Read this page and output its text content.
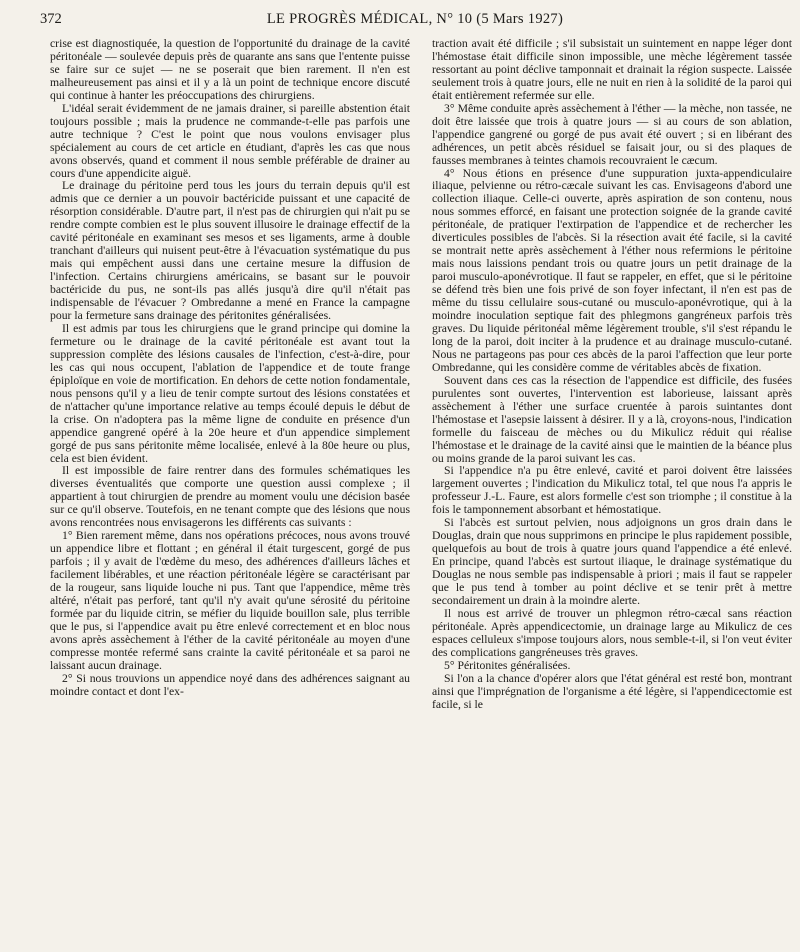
372	LE PROGRÈS MÉDICAL, N° 10 (5 Mars 1927)

crise est diagnostiquée, la question de l'opportunité du drainage de la cavité péritonéale — soulevée depuis près de quarante ans sans que l'entente puisse se faire sur ce sujet — ne se poserait que bien rarement. Il n'en est malheureusement pas ainsi et il y a là un point de technique encore discuté qui continue à hanter les préoccupations des chirurgiens.

L'idéal serait évidemment de ne jamais drainer, si pareille abstention était toujours possible ; mais la prudence ne commande-t-elle pas parfois une autre technique ? C'est le point que nous voulons envisager plus spécialement au cours de cet article en étudiant, d'après les cas que nous avons observés, quand et comment il nous semble préférable de drainer au cours d'une appendicite aiguë.

Le drainage du péritoine perd tous les jours du terrain depuis qu'il est admis que ce dernier a un pouvoir bactéricide puissant et une capacité de résorption considérable. D'autre part, il n'est pas de chirurgien qui n'ait pu se rendre compte combien est le plus souvent illusoire le drainage effectif de la cavité péritonéale en examinant ses mesos et ses ligaments, arme à double tranchant d'ailleurs qui nuisent peut-être à l'évacuation systématique du pus mais qui empêchent aussi dans une certaine mesure la diffusion de l'infection. Certains chirurgiens américains, se basant sur le pouvoir bactéricide du pus, ne sont-ils pas allés jusqu'à dire qu'il n'était pas indispensable de l'évacuer ? Ombredanne a mené en France la campagne pour la fermeture sans drainage des péritonites généralisées.

Il est admis par tous les chirurgiens que le grand principe qui domine la fermeture ou le drainage de la cavité péritonéale est avant tout la suppression complète des lésions causales de l'infection, c'est-à-dire, pour les cas qui nous occupent, l'ablation de l'appendice et de toute frange épiploïque en voie de mortification. En dehors de cette notion fondamentale, nous pensons qu'il y a lieu de tenir compte surtout des lésions constatées et de n'attacher qu'une importance relative au temps écoulé depuis le début de la crise. On n'adoptera pas la même ligne de conduite en présence d'un appendice gangrené opéré à la 20e heure et d'un appendice simplement gorgé de pus sans péritonite même localisée, enlevé à la 80e heure ou plus, cela est bien évident.

Il est impossible de faire rentrer dans des formules schématiques les diverses éventualités que comporte une question aussi complexe ; il appartient à tout chirurgien de prendre au moment voulu une décision basée sur ce qu'il observe. Toutefois, en ne tenant compte que des lésions que nous avons rencontrées nous envisagerons les différents cas suivants :

1° Bien rarement même, dans nos opérations précoces, nous avons trouvé un appendice libre et flottant ; en général il était turgescent, gorgé de pus parfois ; il y avait de l'œdème du meso, des adhérences d'ailleurs lâches et facilement libérables, et une réaction péritonéale légère se caractérisant par de la rougeur, sans liquide louche ni pus. Tant que l'appendice, même très altéré, n'était pas perforé, tant qu'il n'y avait qu'une sérosité du péritoine formée par du liquide citrin, se méfier du liquide bouillon sale, plus terrible que le pus, si l'appendice avait pu être enlevé correctement et en bloc nous avons après assèchement à l'éther de la cavité péritonéale au moyen d'une compresse montée refermé sans crainte la cavité péritonéale et sa paroi ne laissant aucun drainage.

2° Si nous trouvions un appendice noyé dans des adhérences saignant au moindre contact et dont l'ex-

traction avait été difficile ; s'il subsistait un suintement en nappe léger dont l'hémostase était difficile sinon impossible, une mèche légèrement tassée ressortant au point déclive tamponnait et drainait la région suspecte. Laissée seulement trois à quatre jours, elle ne nuit en rien à la solidité de la paroi qui était entièrement refermée sur elle.

3° Même conduite après assèchement à l'éther — la mèche, non tassée, ne doit être laissée que trois à quatre jours — si au cours de son ablation, l'appendice gangrené ou gorgé de pus avait été ouvert ; si en libérant des adhérences, un petit abcès résiduel se faisait jour, ou si des plaques de fausses membranes à teintes chamois recouvraient le cæcum.

4° Nous étions en présence d'une suppuration juxta-appendiculaire iliaque, pelvienne ou rétro-cæcale suivant les cas. Envisageons d'abord une collection iliaque. Celle-ci ouverte, après aspiration de son contenu, nous nous sommes efforcé, en faisant une protection soignée de la grande cavité péritonéale, de pratiquer l'extirpation de l'appendice et de rechercher les diverticules possibles de l'abcès. Si la résection avait été facile, si la cavité se montrait nette après assèchement à l'éther nous refermions le péritoine mais nous laissions pendant trois ou quatre jours un petit drainage de la paroi musculo-aponévrotique. Il faut se rappeler, en effet, que si le péritoine se défend très bien une fois privé de son foyer infectant, il n'en est pas de même du tissu cellulaire sous-cutané ou musculo-aponévrotique, qui à la moindre inoculation septique fait des phlegmons gangréneux parfois très graves. Du liquide péritonéal même légèrement trouble, s'il s'est répandu le long de la paroi, doit inciter à la prudence et au drainage musculo-cutané. Nous ne partageons pas pour ces abcès de la paroi l'affection que leur porte Ombredanne, qui les considère comme de véritables abcès de fixation.

Souvent dans ces cas la résection de l'appendice est difficile, des fusées purulentes sont ouvertes, l'intervention est laborieuse, laissant après assèchement à l'éther une surface cruentée à parois suintantes dont l'hémostase et l'asepsie laissent à désirer. Il y a là, croyons-nous, l'indication formelle du faisceau de mèches ou du Mikulicz réduit qui réalise l'hémostase et le drainage de la cavité ainsi que le maintien de la béance plus ou moins grande de la paroi suivant les cas.

Si l'appendice n'a pu être enlevé, cavité et paroi doivent être laissées largement ouvertes ; l'indication du Mikulicz total, tel que nous l'a appris le professeur J.-L. Faure, est alors formelle c'est son triomphe ; il constitue à la fois le tamponnement absorbant et hémostatique.

Si l'abcès est surtout pelvien, nous adjoignons un gros drain dans le Douglas, drain que nous supprimons en principe le plus rapidement possible, quelquefois au bout de trois à quatre jours quand l'appendice a été enlevé. En principe, quand l'abcès est surtout iliaque, le drainage systématique du Douglas ne nous semble pas indispensable à priori ; mais il faut se rappeler que le pus tend à tomber au point déclive et se tenir prêt à mettre secondairement un drain à la moindre alerte.

Il nous est arrivé de trouver un phlegmon rétro-cæcal sans réaction péritonéale. Après appendicectomie, un drainage large au Mikulicz de ces espaces celluleux s'impose toujours alors, nous semble-t-il, si l'on veut éviter des complications gangréneuses très graves.

5° Péritonites généralisées.

Si l'on a la chance d'opérer alors que l'état général est resté bon, montrant ainsi que l'imprégnation de l'organisme a été légère, si l'appendicectomie est facile, si le
